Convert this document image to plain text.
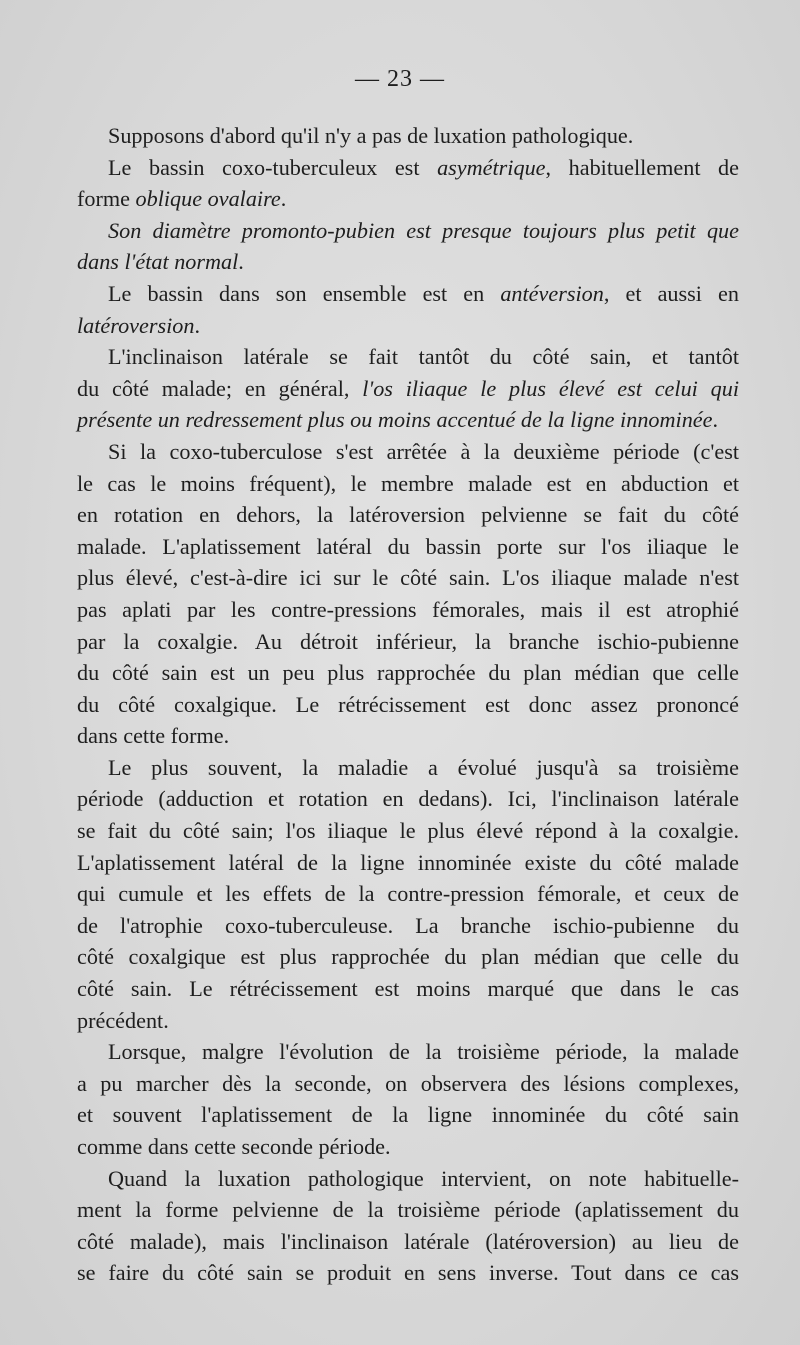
— 23 —
Supposons d'abord qu'il n'y a pas de luxation pathologique.
Le bassin coxo-tuberculeux est asymétrique, habituellement de
forme oblique ovalaire.
Son diamètre promonto-pubien est presque toujours plus petit que
dans l'état normal.
Le bassin dans son ensemble est en antéversion, et aussi en
latéroversion.
L'inclinaison latérale se fait tantôt du côté sain, et tantôt
du côté malade; en général, l'os iliaque le plus élevé est celui qui
présente un redressement plus ou moins accentué de la ligne innominée.
Si la coxo-tuberculose s'est arrêtée à la deuxième période (c'est
le cas le moins fréquent), le membre malade est en abduction et
en rotation en dehors, la latéroversion pelvienne se fait du côté
malade. L'aplatissement latéral du bassin porte sur l'os iliaque le
plus élevé, c'est-à-dire ici sur le côté sain. L'os iliaque malade n'est
pas aplati par les contre-pressions fémorales, mais il est atrophié
par la coxalgie. Au détroit inférieur, la branche ischio-pubienne
du côté sain est un peu plus rapprochée du plan médian que celle
du côté coxalgique. Le rétrécissement est donc assez prononcé
dans cette forme.
Le plus souvent, la maladie a évolué jusqu'à sa troisième
période (adduction et rotation en dedans). Ici, l'inclinaison latérale
se fait du côté sain; l'os iliaque le plus élevé répond à la coxalgie.
L'aplatissement latéral de la ligne innominée existe du côté malade
qui cumule et les effets de la contre-pression fémorale, et ceux de
de l'atrophie coxo-tuberculeuse. La branche ischio-pubienne du
côté coxalgique est plus rapprochée du plan médian que celle du
côté sain. Le rétrécissement est moins marqué que dans le cas
précédent.
Lorsque, malgre l'évolution de la troisième période, la malade
a pu marcher dès la seconde, on observera des lésions complexes,
et souvent l'aplatissement de la ligne innominée du côté sain
comme dans cette seconde période.
Quand la luxation pathologique intervient, on note habituelle-
ment la forme pelvienne de la troisième période (aplatissement du
côté malade), mais l'inclinaison latérale (latéroversion) au lieu de
se faire du côté sain se produit en sens inverse. Tout dans ce cas
